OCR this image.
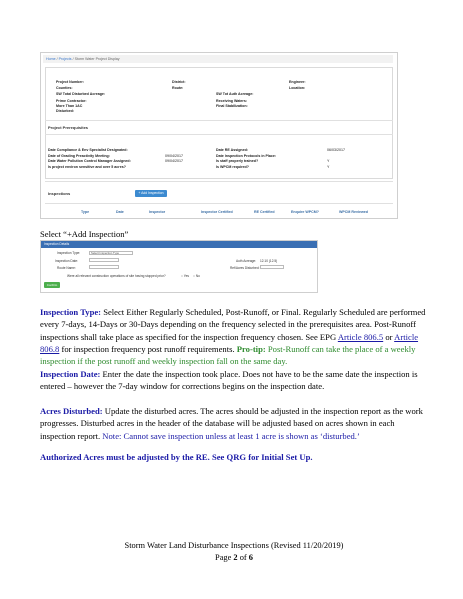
Home / Projects / Storm Water Project Display
Project Number:	District:	Engineer:
Counties:	Route:	Location:
SW Total Disturbed Acreage:	SW Tot Auth Acreage:
Prime Contractor:	Receiving Waters:
More Than 1AC	Final Stabilization:
Disturbed:
Project Prerequisites
Date Compliance & Env Specialist Designated:	Date RE Assigned:	06/03/2017
Date of Grading Preactivity Meeting:	09/04/2017	Date Inspection Protocols in Place:
Date Water Pollution Control Manager Assigned:	09/04/2017	Is staff properly trained?	Y
Is project environ sensitive and over 5 acres?	Is WPCM required?	Y
Inspections	+ Add Inspection
Type	Date	Inspector	Inspector Certified	RE Certified	Enquire WPCM?	WPCM Reviewed
Select “+Add Inspection”
Inspection Details
Inspection Type:	Select Inspection Type
Inspection Date:	Auth Acreage: 12.10 (12.5)
Route Name:	Ref/Acres Disturbed:
Were all relevant construction operations of site having stopped prior?	○ Yes ○ No
Confirm
Inspection Type: Select Either Regularly Scheduled, Post-Runoff, or Final. Regularly Scheduled are performed every 7-days, 14-Days or 30-Days depending on the frequency selected in the prerequisites area. Post-Runoff inspections shall take place as specified for the inspection frequency chosen. See EPG Article 806.5 or Article 806.8 for inspection frequency post runoff requirements. Pro-tip: Post-Runoff can take the place of a weekly inspection if the post runoff and weekly inspection fall on the same day.
Inspection Date: Enter the date the inspection took place. Does not have to be the same date the inspection is entered – however the 7-day window for corrections begins on the inspection date.
Acres Disturbed: Update the disturbed acres. The acres should be adjusted in the inspection report as the work progresses. Disturbed acres in the header of the database will be adjusted based on acres shown in each inspection report. Note: Cannot save inspection unless at least 1 acre is shown as ‘disturbed.’
Authorized Acres must be adjusted by the RE. See QRG for Initial Set Up.
Storm Water Land Disturbance Inspections (Revised 11/20/2019)
Page 2 of 6
